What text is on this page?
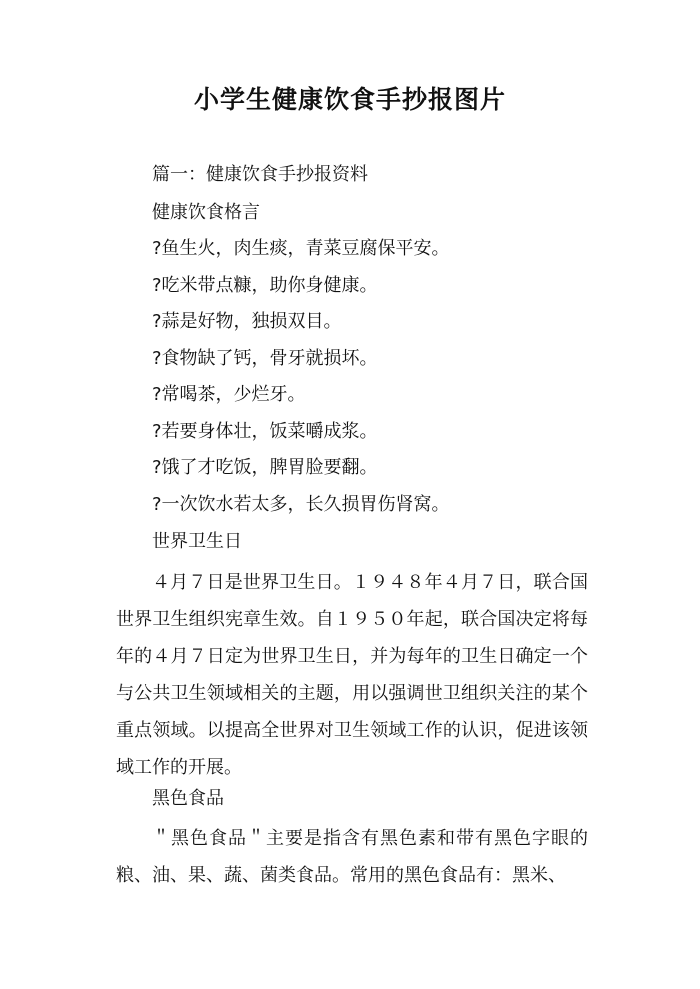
小学生健康饮食手抄报图片
篇一：健康饮食手抄报资料
健康饮食格言
?鱼生火，肉生痰，青菜豆腐保平安。
?吃米带点糠，助你身健康。
?蒜是好物，独损双目。
?食物缺了钙，骨牙就损坏。
?常喝茶，少烂牙。
?若要身体壮，饭菜嚼成浆。
?饿了才吃饭，脾胃脸要翻。
?一次饮水若太多，长久损胃伤肾窝。
世界卫生日
４月７日是世界卫生日。１９４８年４月７日，联合国世界卫生组织宪章生效。自１９５０年起，联合国决定将每年的４月７日定为世界卫生日，并为每年的卫生日确定一个与公共卫生领域相关的主题，用以强调世卫组织关注的某个重点领域。以提高全世界对卫生领域工作的认识，促进该领域工作的开展。
黑色食品
＂黑色食品＂主要是指含有黑色素和带有黑色字眼的粮、油、果、蔬、菌类食品。常用的黑色食品有：黑米、
